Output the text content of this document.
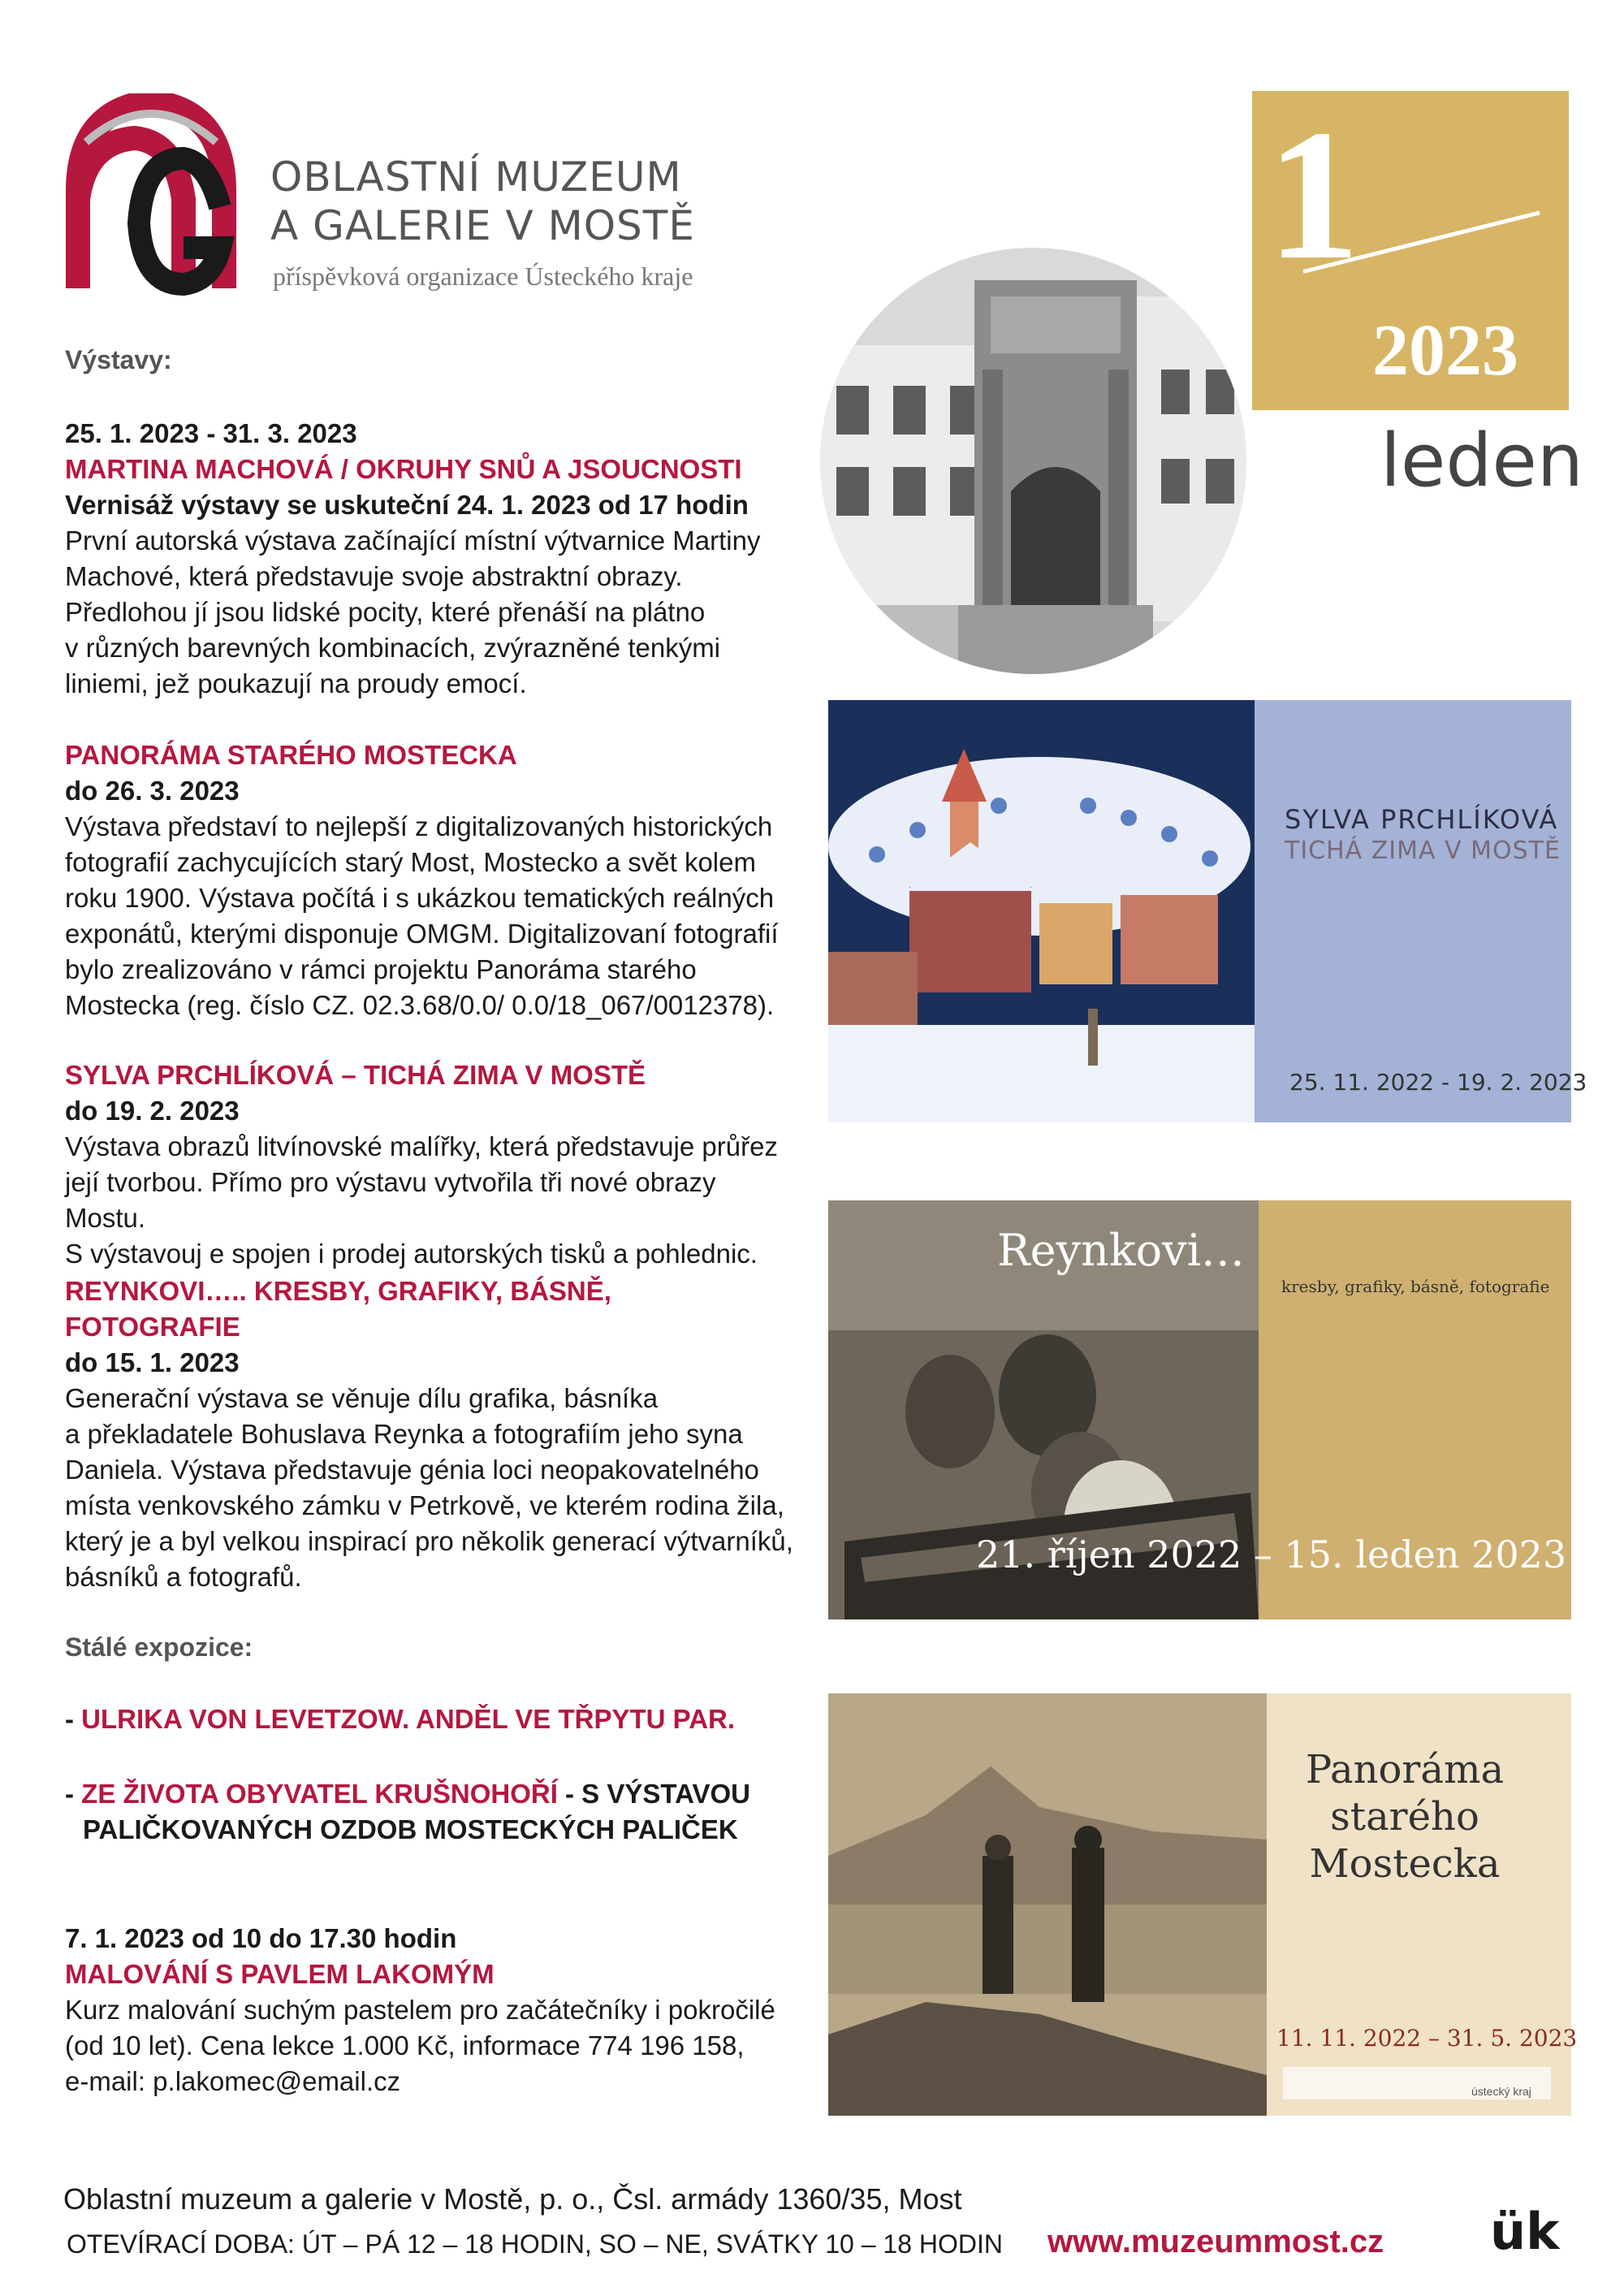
OBLASTNÍ MUZEUM
A GALERIE V MOSTĚ
příspěvková organizace Ústeckého kraje	1
2023
leden
Výstavy:
25. 1. 2023 - 31. 3. 2023
MARTINA MACHOVÁ / OKRUHY SNŮ A JSOUCNOSTI
Vernisáž výstavy se uskuteční 24. 1. 2023 od 17 hodin
První autorská výstava začínající místní výtvarnice Martiny
Machové, která představuje svoje abstraktní obrazy.
Předlohou jí jsou lidské pocity, které přenáší na plátno
v různých barevných kombinacích, zvýrazněné tenkými
liniemi, jež poukazují na proudy emocí.
PANORÁMA STARÉHO MOSTECKA
do 26. 3. 2023
Výstava představí to nejlepší z digitalizovaných historických
fotografií zachycujících starý Most, Mostecko a svět kolem
roku 1900. Výstava počítá i s ukázkou tematických reálných
exponátů, kterými disponuje OMGM. Digitalizovaní fotografií
bylo zrealizováno v rámci projektu Panoráma starého
Mostecka (reg. číslo CZ. 02.3.68/0.0/ 0.0/18_067/0012378).
SYLVA PRCHLÍKOVÁ – TICHÁ ZIMA V MOSTĚ
do 19. 2. 2023
Výstava obrazů litvínovské malířky, která představuje průřez
její tvorbou. Přímo pro výstavu vytvořila tři nové obrazy Mostu.
S výstavouj e spojen i prodej autorských tisků a pohlednic.
REYNKOVI….. KRESBY, GRAFIKY, BÁSNĚ,
FOTOGRAFIE
do 15. 1. 2023
Generační výstava se věnuje dílu grafika, básníka
a překladatele Bohuslava Reynka a fotografiím jeho syna
Daniela. Výstava představuje génia loci neopakovatelného
místa venkovského zámku v Petrkově, ve kterém rodina žila,
který je a byl velkou inspirací pro několik generací výtvarníků,
básníků a fotografů.
Stálé expozice:
- ULRIKA VON LEVETZOW. ANDĚL VE TŘPYTU PAR.
- ZE ŽIVOTA OBYVATEL KRUŠNOHOŘÍ - S VÝSTAVOU
PALIČKOVANÝCH OZDOB MOSTECKÝCH PALIČEK
7. 1. 2023 od 10 do 17.30 hodin
MALOVÁNÍ S PAVLEM LAKOMÝM
Kurz malování suchým pastelem pro začátečníky i pokročilé
(od 10 let). Cena lekce 1.000 Kč, informace 774 196 158,
e-mail: p.lakomec@email.cz
SYLVA PRCHLÍKOVÁ
TICHÁ ZIMA V MOSTĚ
25. 11. 2022 - 19. 2. 2023
Reynkovi…
kresby, grafiky, básně, fotografie
21. říjen 2022 – 15. leden 2023
Panoráma
starého
Mostecka
11. 11. 2022 – 31. 5. 2023
ústecký kraj
Oblastní muzeum a galerie v Mostě, p. o., Čsl. armády 1360/35, Most
OTEVÍRACÍ DOBA: ÚT – PÁ 12 – 18 HODIN, SO – NE, SVÁTKY 10 – 18 HODIN www.muzeummost.cz ük
